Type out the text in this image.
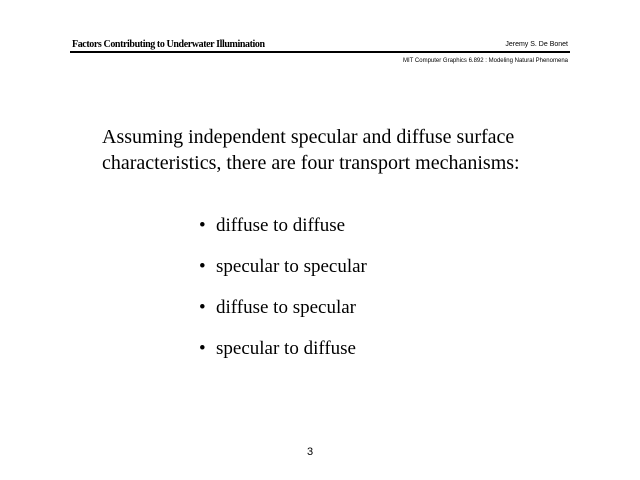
Factors Contributing to Underwater Illumination	Jeremy S. De Bonet
MIT Computer Graphics 6.892 : Modeling Natural Phenomena

Assuming independent specular and diffuse surface characteristics, there are four transport mechanisms:

• diffuse to diffuse
• specular to specular
• diffuse to specular
• specular to diffuse
3
